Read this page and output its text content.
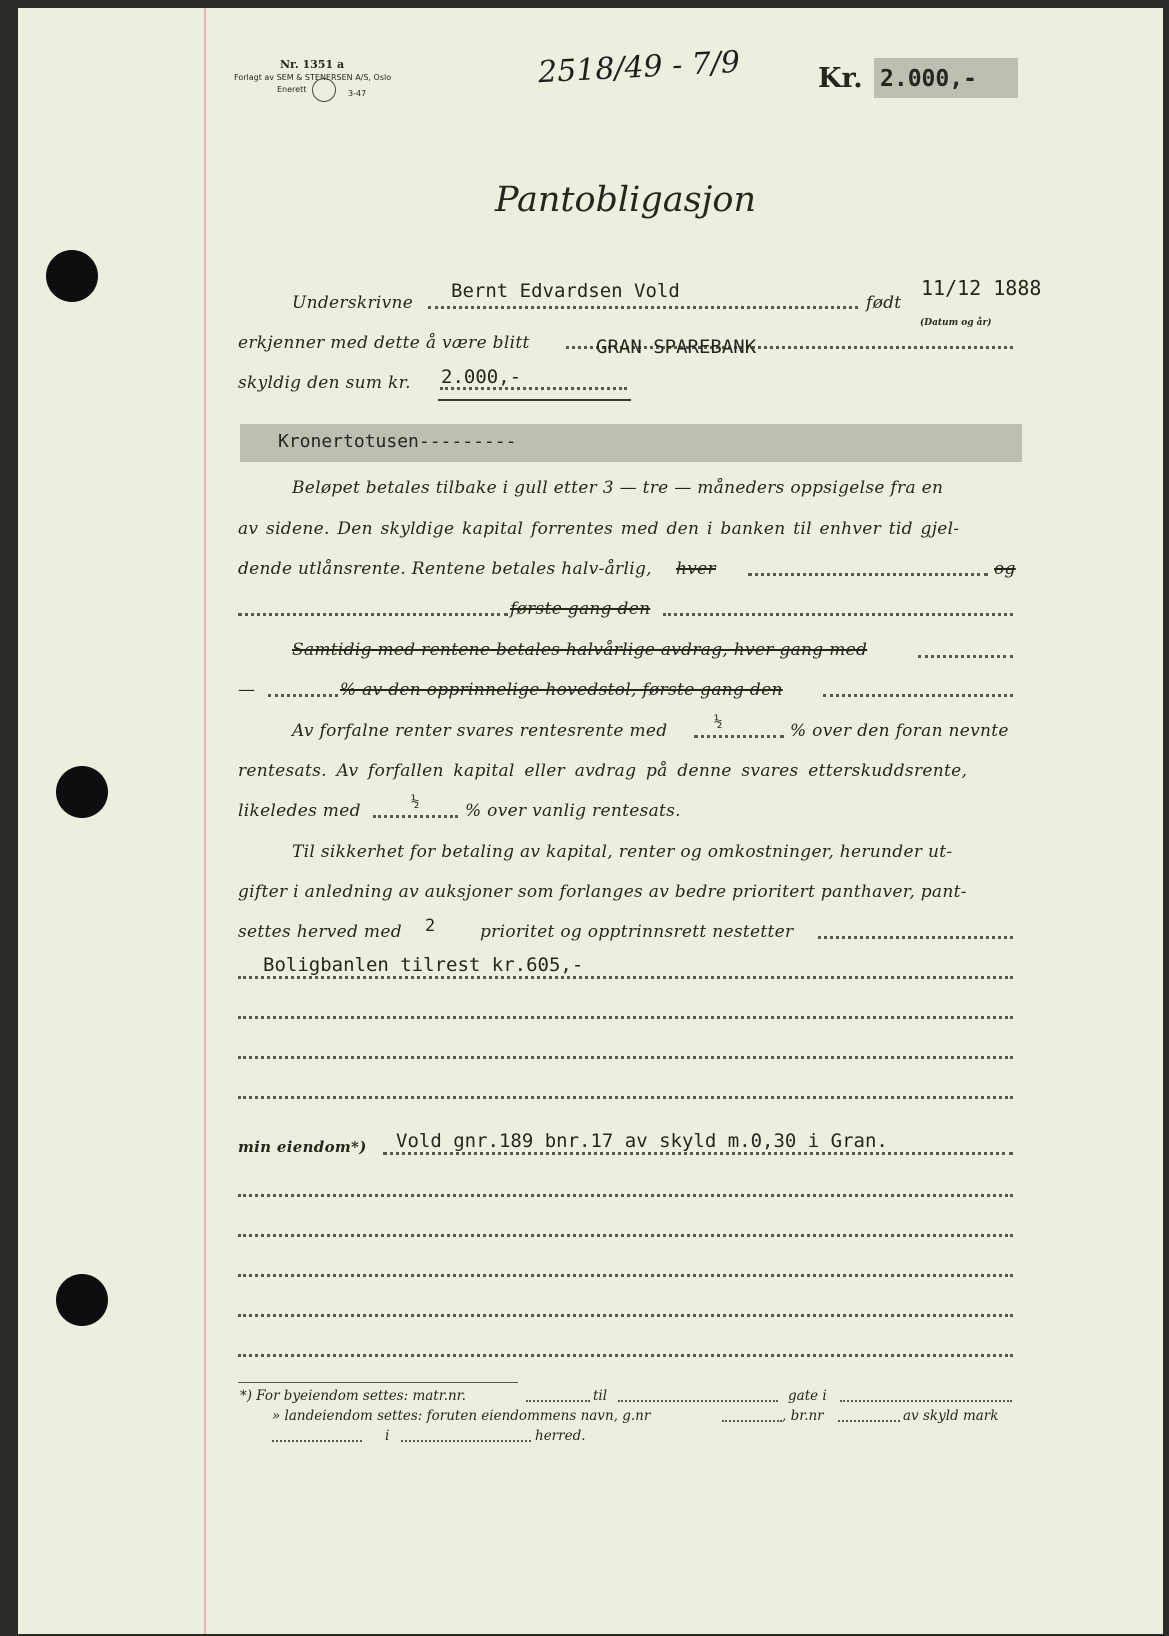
Nr. 1351 a
Forlagt av SEM & STENERSEN A/S, Oslo
Enerett	3-47
2518/49 - 7/9	Kr. 2.000,-
Pantobligasjon
Underskrivne
Bernt Edvardsen Vold
født
11/12 1888
(Datum og år)
erkjenner med dette å være blitt	GRAN SPAREBANK
skyldig den sum kr. 2.000,-
Kronertotusen---------
Beløpet betales tilbake i gull etter 3 — tre — måneders oppsigelse fra en
av sidene. Den skyldige kapital forrentes med den i banken til enhver tid gjel-
dende utlånsrente. Rentene betales halv-årlig, hver	og
første gang den
Samtidig med rentene betales halvårlige avdrag, hver gang med
—	% av den opprinnelige hovedstol, første gang den
Av forfalne renter svares rentesrente med	½	% over den foran nevnte
rentesats. Av forfallen kapital eller avdrag på denne svares etterskuddsrente,
likeledes med	½	% over vanlig rentesats.
Til sikkerhet for betaling av kapital, renter og omkostninger, herunder ut-
gifter i anledning av auksjoner som forlanges av bedre prioritert panthaver, pant-
settes herved med 2	prioritet og opptrinnsrett nestetter
Boligbanlen tilrest kr.605,-
min eiendom*) Vold gnr.189 bnr.17 av skyld m.0,30 i Gran.
*) For byeiendom settes: matr.nr.	til	gate i
» landeiendom settes: foruten eiendommens navn, g.nr	, br.nr	av skyld mark
i	herred.
